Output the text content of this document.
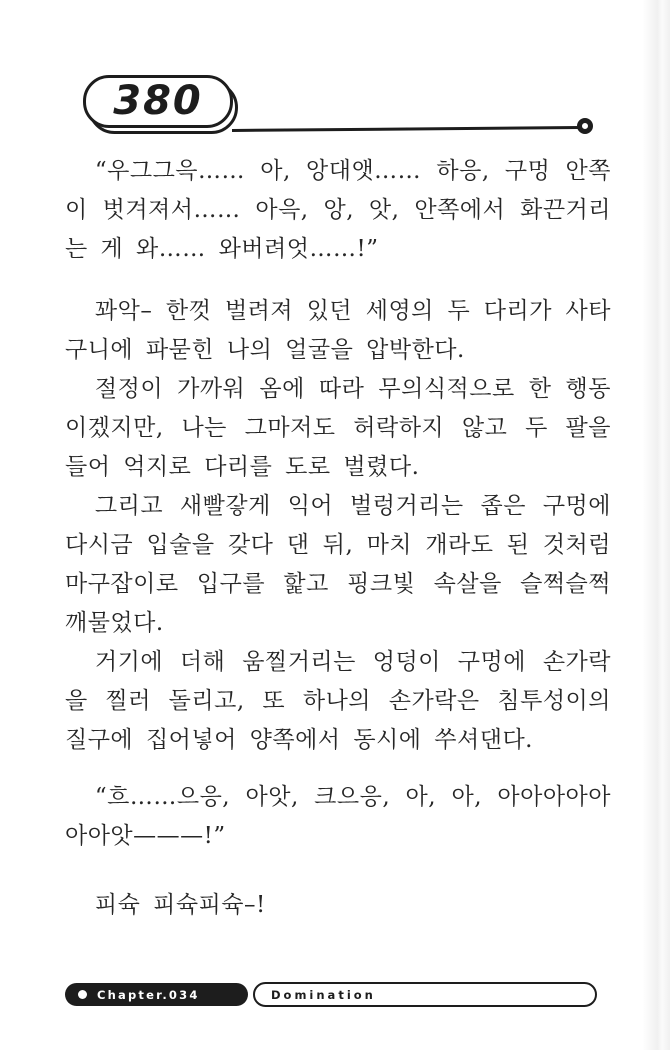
380

“우그그윽…… 아, 앙대앳…… 하응, 구멍 안쪽이 벗겨져서…… 아윽, 앙, 앗, 안쪽에서 화끈거리는 게 와…… 와버려엇……!”

꽈악– 한껏 벌려져 있던 세영의 두 다리가 사타구니에 파묻힌 나의 얼굴을 압박한다.

절정이 가까워 옴에 따라 무의식적으로 한 행동이겠지만, 나는 그마저도 허락하지 않고 두 팔을 들어 억지로 다리를 도로 벌렸다.

그리고 새빨갛게 익어 벌렁거리는 좁은 구멍에 다시금 입술을 갖다 댄 뒤, 마치 개라도 된 것처럼 마구잡이로 입구를 핥고 핑크빛 속살을 슬쩍슬쩍 깨물었다.

거기에 더해 움찔거리는 엉덩이 구멍에 손가락을 찔러 돌리고, 또 하나의 손가락은 침투성이의 질구에 집어넣어 양쪽에서 동시에 쑤셔댄다.

“흐……으응, 아앗, 크으응, 아, 아, 아아아아아아아앗———!”

피슉 피슉피슉–!

Chapter.034	Domination
